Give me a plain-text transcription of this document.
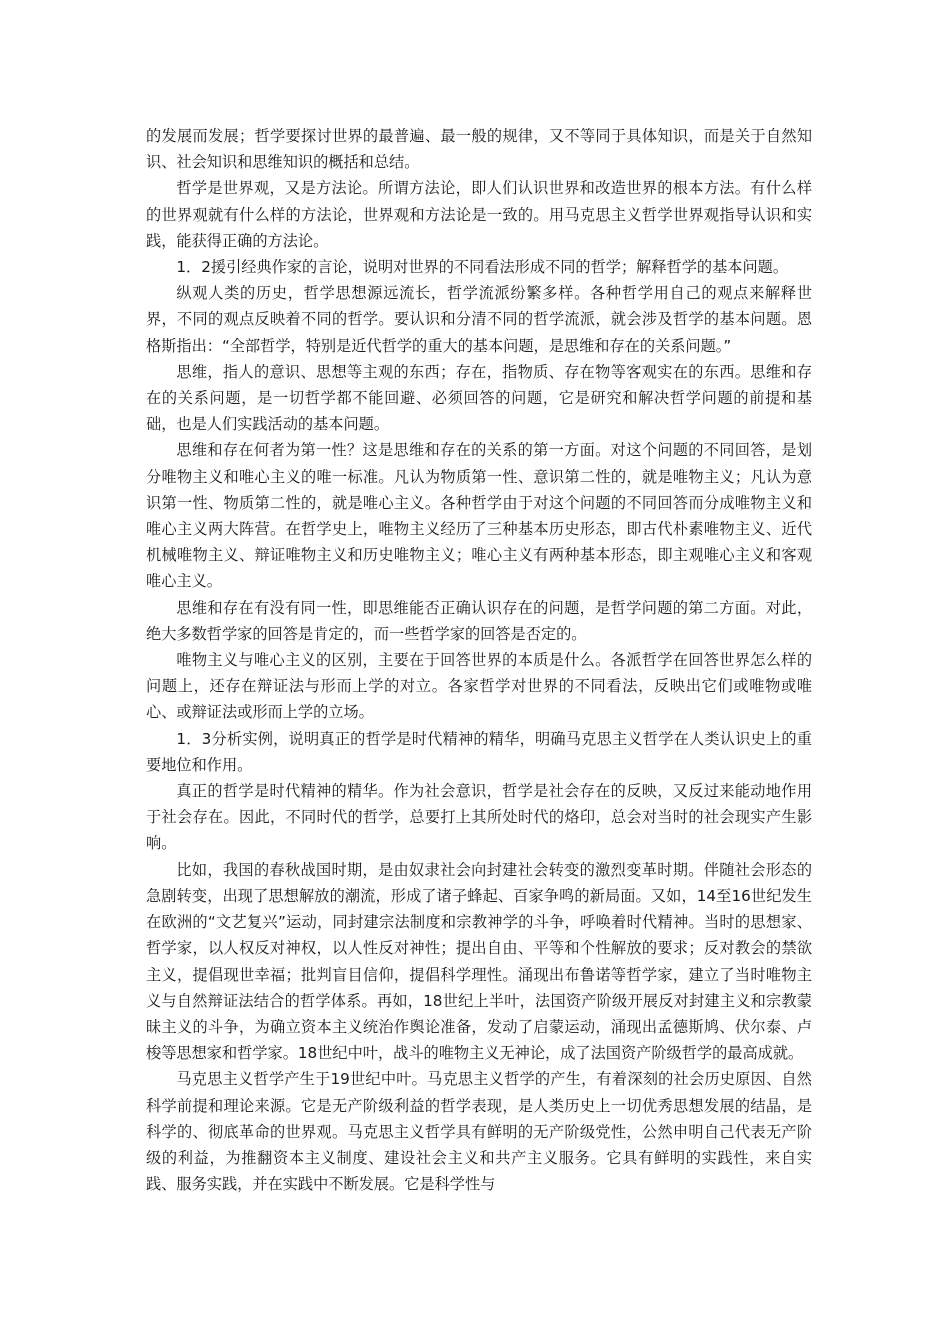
的发展而发展；哲学要探讨世界的最普遍、最一般的规律，又不等同于具体知识，而是关于自然知识、社会知识和思维知识的概括和总结。

哲学是世界观，又是方法论。所谓方法论，即人们认识世界和改造世界的根本方法。有什么样的世界观就有什么样的方法论，世界观和方法论是一致的。用马克思主义哲学世界观指导认识和实践，能获得正确的方法论。

1．2援引经典作家的言论，说明对世界的不同看法形成不同的哲学；解释哲学的基本问题。

纵观人类的历史，哲学思想源远流长，哲学流派纷繁多样。各种哲学用自己的观点来解释世界，不同的观点反映着不同的哲学。要认识和分清不同的哲学流派，就会涉及哲学的基本问题。恩格斯指出：“全部哲学，特别是近代哲学的重大的基本问题，是思维和存在的关系问题。”

思维，指人的意识、思想等主观的东西；存在，指物质、存在物等客观实在的东西。思维和存在的关系问题，是一切哲学都不能回避、必须回答的问题，它是研究和解决哲学问题的前提和基础，也是人们实践活动的基本问题。

思维和存在何者为第一性？这是思维和存在的关系的第一方面。对这个问题的不同回答，是划分唯物主义和唯心主义的唯一标准。凡认为物质第一性、意识第二性的，就是唯物主义；凡认为意识第一性、物质第二性的，就是唯心主义。各种哲学由于对这个问题的不同回答而分成唯物主义和唯心主义两大阵营。在哲学史上，唯物主义经历了三种基本历史形态，即古代朴素唯物主义、近代机械唯物主义、辩证唯物主义和历史唯物主义；唯心主义有两种基本形态，即主观唯心主义和客观唯心主义。

思维和存在有没有同一性，即思维能否正确认识存在的问题，是哲学问题的第二方面。对此，绝大多数哲学家的回答是肯定的，而一些哲学家的回答是否定的。

唯物主义与唯心主义的区别，主要在于回答世界的本质是什么。各派哲学在回答世界怎么样的问题上，还存在辩证法与形而上学的对立。各家哲学对世界的不同看法，反映出它们或唯物或唯心、或辩证法或形而上学的立场。

1．3分析实例，说明真正的哲学是时代精神的精华，明确马克思主义哲学在人类认识史上的重要地位和作用。

真正的哲学是时代精神的精华。作为社会意识，哲学是社会存在的反映，又反过来能动地作用于社会存在。因此，不同时代的哲学，总要打上其所处时代的烙印，总会对当时的社会现实产生影响。

比如，我国的春秋战国时期，是由奴隶社会向封建社会转变的激烈变革时期。伴随社会形态的急剧转变，出现了思想解放的潮流，形成了诸子蜂起、百家争鸣的新局面。又如，14至16世纪发生在欧洲的“文艺复兴”运动，同封建宗法制度和宗教神学的斗争，呼唤着时代精神。当时的思想家、哲学家，以人权反对神权，以人性反对神性；提出自由、平等和个性解放的要求；反对教会的禁欲主义，提倡现世幸福；批判盲目信仰，提倡科学理性。涌现出布鲁诺等哲学家，建立了当时唯物主义与自然辩证法结合的哲学体系。再如，18世纪上半叶，法国资产阶级开展反对封建主义和宗教蒙昧主义的斗争，为确立资本主义统治作舆论准备，发动了启蒙运动，涌现出孟德斯鸠、伏尔泰、卢梭等思想家和哲学家。18世纪中叶，战斗的唯物主义无神论，成了法国资产阶级哲学的最高成就。

马克思主义哲学产生于19世纪中叶。马克思主义哲学的产生，有着深刻的社会历史原因、自然科学前提和理论来源。它是无产阶级利益的哲学表现，是人类历史上一切优秀思想发展的结晶，是科学的、彻底革命的世界观。马克思主义哲学具有鲜明的无产阶级党性，公然申明自己代表无产阶级的利益，为推翻资本主义制度、建设社会主义和共产主义服务。它具有鲜明的实践性，来自实践、服务实践，并在实践中不断发展。它是科学性与
